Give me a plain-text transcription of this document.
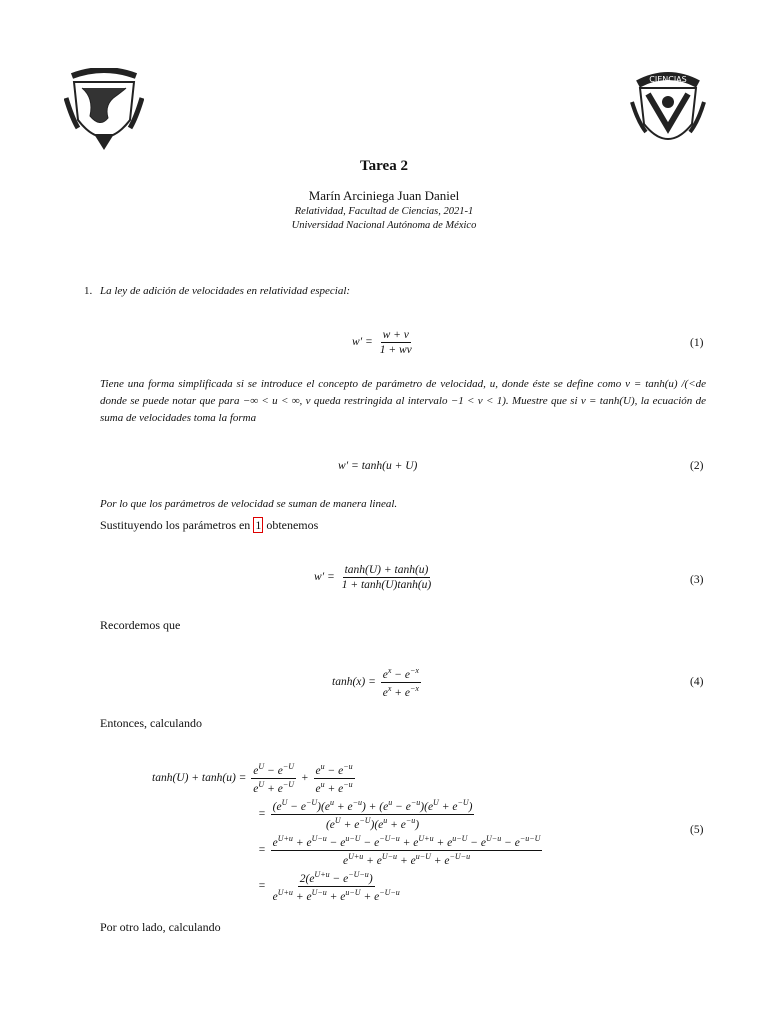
CIENCIAS
Tarea 2
Marín Arciniega Juan Daniel
Relatividad, Facultad de Ciencias, 2021-1
Universidad Nacional Autónoma de México
1. La ley de adición de velocidades en relatividad especial:
$w' = \frac{w + v}{1 + wv}$	(1)
Tiene una forma simplificada si se introduce el concepto de parámetro de velocidad, u, donde éste se define como v = tanh(u) /(<de donde se puede notar que para −∞ < u < ∞, v queda restringida al intervalo −1 < v < 1). Muestre que si v = tanh(U), la ecuación de suma de velocidades toma la forma
w′ = tanh(u + U)	(2)
Por lo que los parámetros de velocidad se suman de manera lineal.
Sustituyendo los parámetros en 1 obtenemos
$w' = \frac{\tanh(U) + \tanh(u)}{1 + \tanh(U)\tanh(u)}$	(3)
Recordemos que
$\tanh(x) = \frac{e^x - e^{-x}}{e^x + e^{-x}}$	(4)
Entonces, calculando
$\tanh(U) + \tanh(u) = \frac{e^U - e^{-U}}{e^U + e^{-U}} + \frac{e^u - e^{-u}}{e^u + e^{-u}}$
= $\frac{(e^U - e^{-U})(e^u + e^{-u}) + (e^u - e^{-u})(e^U + e^{-U})}{(e^U + e^{-U})(e^u + e^{-u})}$
= $\frac{e^{U+u} + e^{U-u} - e^{u-U} - e^{-U-u} + e^{U+u} + e^{u-U} - e^{U-u} - e^{-u-U}}{e^{U+u} + e^{U-u} + e^{u-U} + e^{-U-u}}$
= $\frac{2(e^{U+u} - e^{-U-u})}{e^{U+u} + e^{U-u} + e^{u-U} + e^{-U-u}}$
(5)
Por otro lado, calculando
